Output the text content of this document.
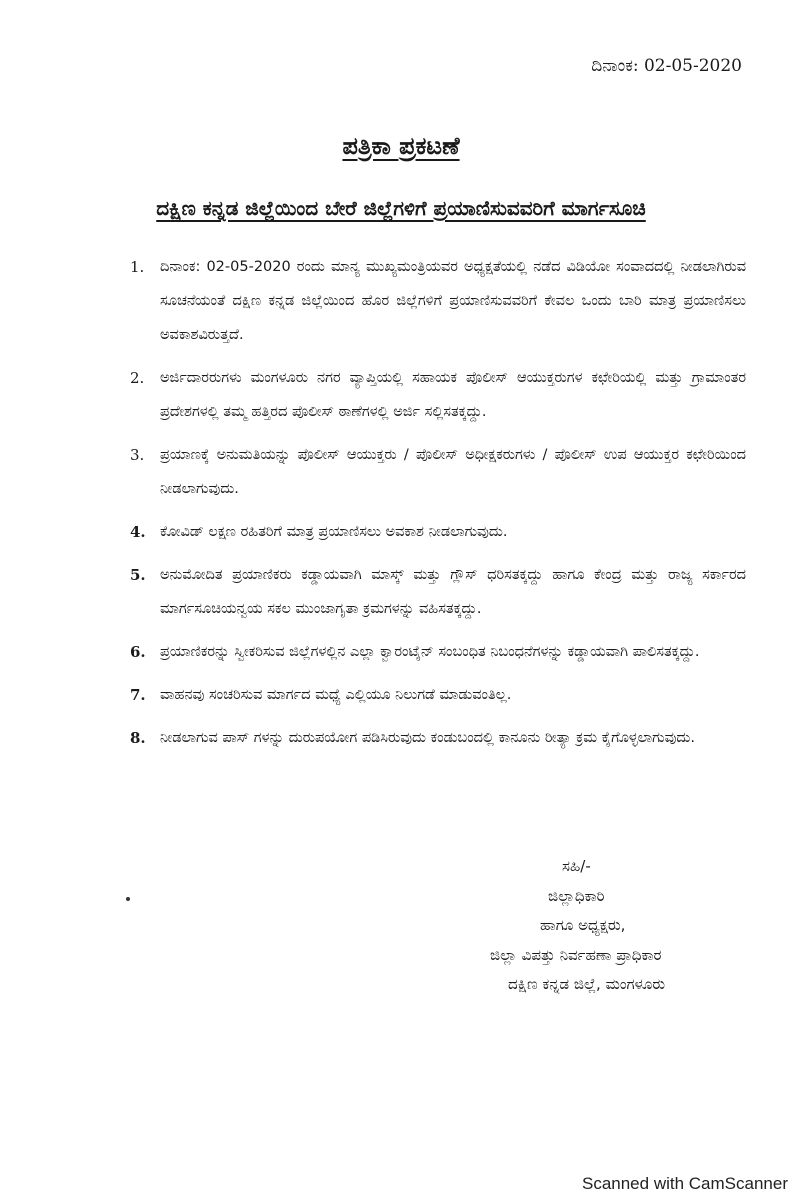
ದಿನಾಂಕ: 02-05-2020
ಪತ್ರಿಕಾ ಪ್ರಕಟಣೆ
ದಕ್ಷಿಣ ಕನ್ನಡ ಜಿಲ್ಲೆಯಿಂದ ಬೇರೆ ಜಿಲ್ಲೆಗಳಿಗೆ ಪ್ರಯಾಣಿಸುವವರಿಗೆ ಮಾರ್ಗಸೂಚಿ
1. ದಿನಾಂಕ: 02-05-2020 ರಂದು ಮಾನ್ಯ ಮುಖ್ಯಮಂತ್ರಿಯವರ ಅಧ್ಯಕ್ಷತೆಯಲ್ಲಿ ನಡೆದ ವಿಡಿಯೋ ಸಂವಾದದಲ್ಲಿ ನೀಡಲಾಗಿರುವ ಸೂಚನೆಯಂತೆ ದಕ್ಷಿಣ ಕನ್ನಡ ಜಿಲ್ಲೆಯಿಂದ ಹೊರ ಜಿಲ್ಲೆಗಳಿಗೆ ಪ್ರಯಾಣಿಸುವವರಿಗೆ ಕೇವಲ ಒಂದು ಬಾರಿ ಮಾತ್ರ ಪ್ರಯಾಣಿಸಲು ಅವಕಾಶವಿರುತ್ತದೆ.
2. ಅರ್ಜಿದಾರರುಗಳು ಮಂಗಳೂರು ನಗರ ವ್ಯಾಪ್ತಿಯಲ್ಲಿ ಸಹಾಯಕ ಪೊಲೀಸ್ ಆಯುಕ್ತರುಗಳ ಕಛೇರಿಯಲ್ಲಿ ಮತ್ತು ಗ್ರಾಮಾಂತರ ಪ್ರದೇಶಗಳಲ್ಲಿ ತಮ್ಮ ಹತ್ತಿರದ ಪೊಲೀಸ್ ಠಾಣೆಗಳಲ್ಲಿ ಅರ್ಜಿ ಸಲ್ಲಿಸತಕ್ಕದ್ದು.
3. ಪ್ರಯಾಣಕ್ಕೆ ಅನುಮತಿಯನ್ನು ಪೊಲೀಸ್ ಆಯುಕ್ತರು / ಪೊಲೀಸ್ ಅಧೀಕ್ಷಕರುಗಳು / ಪೊಲೀಸ್ ಉಪ ಆಯುಕ್ತರ ಕಛೇರಿಯಿಂದ ನೀಡಲಾಗುವುದು.
4. ಕೋವಿಡ್ ಲಕ್ಷಣ ರಹಿತರಿಗೆ ಮಾತ್ರ ಪ್ರಯಾಣಿಸಲು ಅವಕಾಶ ನೀಡಲಾಗುವುದು.
5. ಅನುಮೋದಿತ ಪ್ರಯಾಣಿಕರು ಕಡ್ಡಾಯವಾಗಿ ಮಾಸ್ಕ್ ಮತ್ತು ಗ್ಲೌಸ್ ಧರಿಸತಕ್ಕದ್ದು ಹಾಗೂ ಕೇಂದ್ರ ಮತ್ತು ರಾಜ್ಯ ಸರ್ಕಾರದ ಮಾರ್ಗಸೂಚಿಯನ್ವಯ ಸಕಲ ಮುಂಜಾಗೃತಾ ಕ್ರಮಗಳನ್ನು ವಹಿಸತಕ್ಕದ್ದು.
6. ಪ್ರಯಾಣಿಕರನ್ನು ಸ್ವೀಕರಿಸುವ ಜಿಲ್ಲೆಗಳಲ್ಲಿನ ಎಲ್ಲಾ ಕ್ವಾರಂಟೈನ್ ಸಂಬಂಧಿತ ನಿಬಂಧನೆಗಳನ್ನು ಕಡ್ಡಾಯವಾಗಿ ಪಾಲಿಸತಕ್ಕದ್ದು.
7. ವಾಹನವು ಸಂಚರಿಸುವ ಮಾರ್ಗದ ಮಧ್ಯೆ ಎಲ್ಲಿಯೂ ನಿಲುಗಡೆ ಮಾಡುವಂತಿಲ್ಲ.
8. ನೀಡಲಾಗುವ ಪಾಸ್ ಗಳನ್ನು ದುರುಪಯೋಗ ಪಡಿಸಿರುವುದು ಕಂಡುಬಂದಲ್ಲಿ ಕಾನೂನು ರೀತ್ಯಾ ಕ್ರಮ ಕೈಗೊಳ್ಳಲಾಗುವುದು.
ಸಹಿ/-
ಜಿಲ್ಲಾಧಿಕಾರಿ
ಹಾಗೂ ಅಧ್ಯಕ್ಷರು,
ಜಿಲ್ಲಾ ವಿಪತ್ತು ನಿರ್ವಹಣಾ ಪ್ರಾಧಿಕಾರ
ದಕ್ಷಿಣ ಕನ್ನಡ ಜಿಲ್ಲೆ, ಮಂಗಳೂರು
Scanned with CamScanner
